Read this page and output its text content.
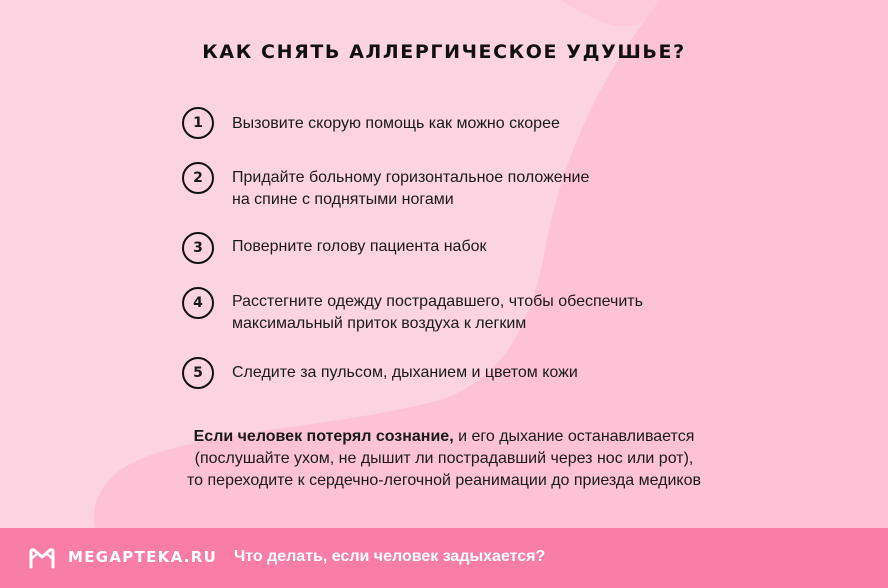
КАК СНЯТЬ АЛЛЕРГИЧЕСКОЕ УДУШЬЕ?
1	Вызовите скорую помощь как можно скорее
2	Придайте больному горизонтальное положение
на спине с поднятыми ногами
3	Поверните голову пациента набок
4	Расстегните одежду пострадавшего, чтобы обеспечить
максимальный приток воздуха к легким
5	Следите за пульсом, дыханием и цветом кожи
Если человек потерял сознание, и его дыхание останавливается
(послушайте ухом, не дышит ли пострадавший через нос или рот),
то переходите к сердечно-легочной реанимации до приезда медиков
MEGAPTEKA.RU Что делать, если человек задыхается?
